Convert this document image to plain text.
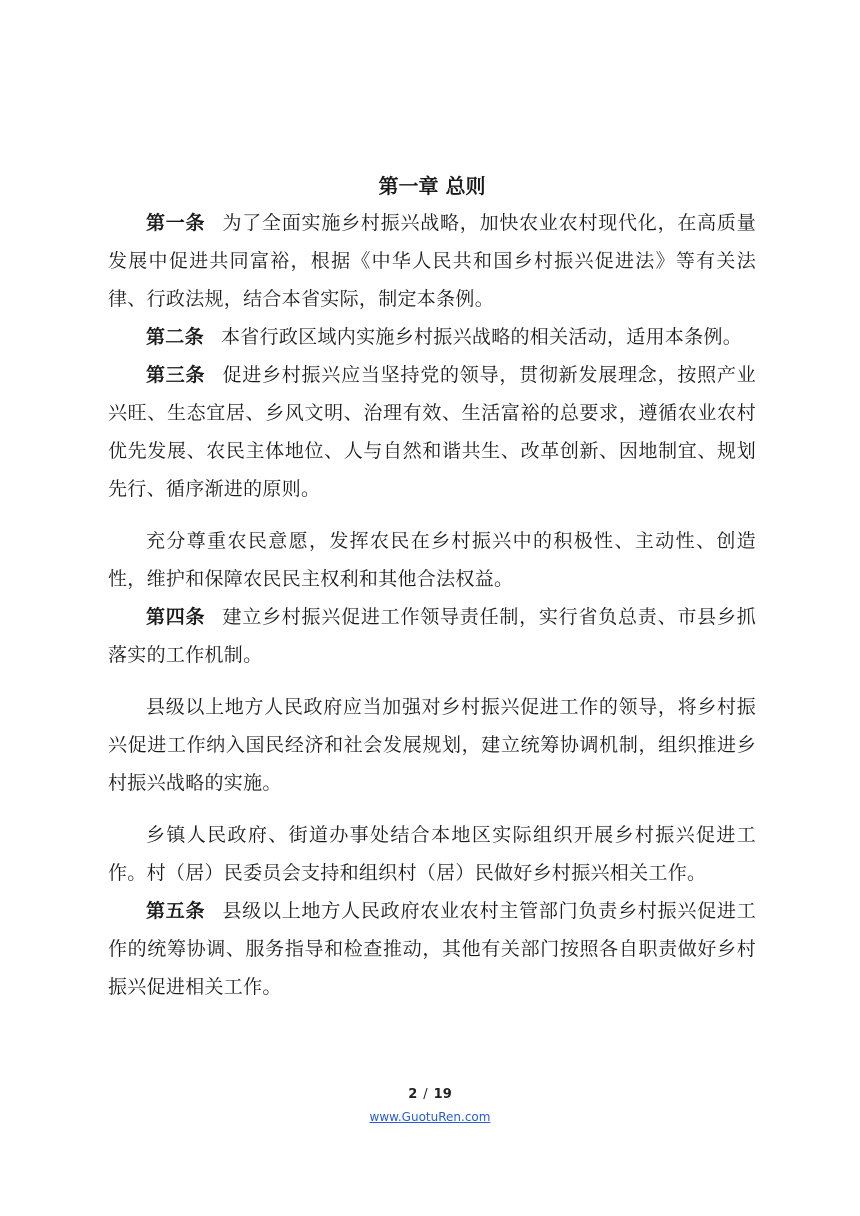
第一章 总则

第一条 为了全面实施乡村振兴战略，加快农业农村现代化，在高质量发展中促进共同富裕，根据《中华人民共和国乡村振兴促进法》等有关法律、行政法规，结合本省实际，制定本条例。

第二条 本省行政区域内实施乡村振兴战略的相关活动，适用本条例。

第三条 促进乡村振兴应当坚持党的领导，贯彻新发展理念，按照产业兴旺、生态宜居、乡风文明、治理有效、生活富裕的总要求，遵循农业农村优先发展、农民主体地位、人与自然和谐共生、改革创新、因地制宜、规划先行、循序渐进的原则。

充分尊重农民意愿，发挥农民在乡村振兴中的积极性、主动性、创造性，维护和保障农民民主权利和其他合法权益。

第四条 建立乡村振兴促进工作领导责任制，实行省负总责、市县乡抓落实的工作机制。

县级以上地方人民政府应当加强对乡村振兴促进工作的领导，将乡村振兴促进工作纳入国民经济和社会发展规划，建立统筹协调机制，组织推进乡村振兴战略的实施。

乡镇人民政府、街道办事处结合本地区实际组织开展乡村振兴促进工作。村（居）民委员会支持和组织村（居）民做好乡村振兴相关工作。

第五条 县级以上地方人民政府农业农村主管部门负责乡村振兴促进工作的统筹协调、服务指导和检查推动，其他有关部门按照各自职责做好乡村振兴促进相关工作。

2 / 19
www.GuotuRen.com
